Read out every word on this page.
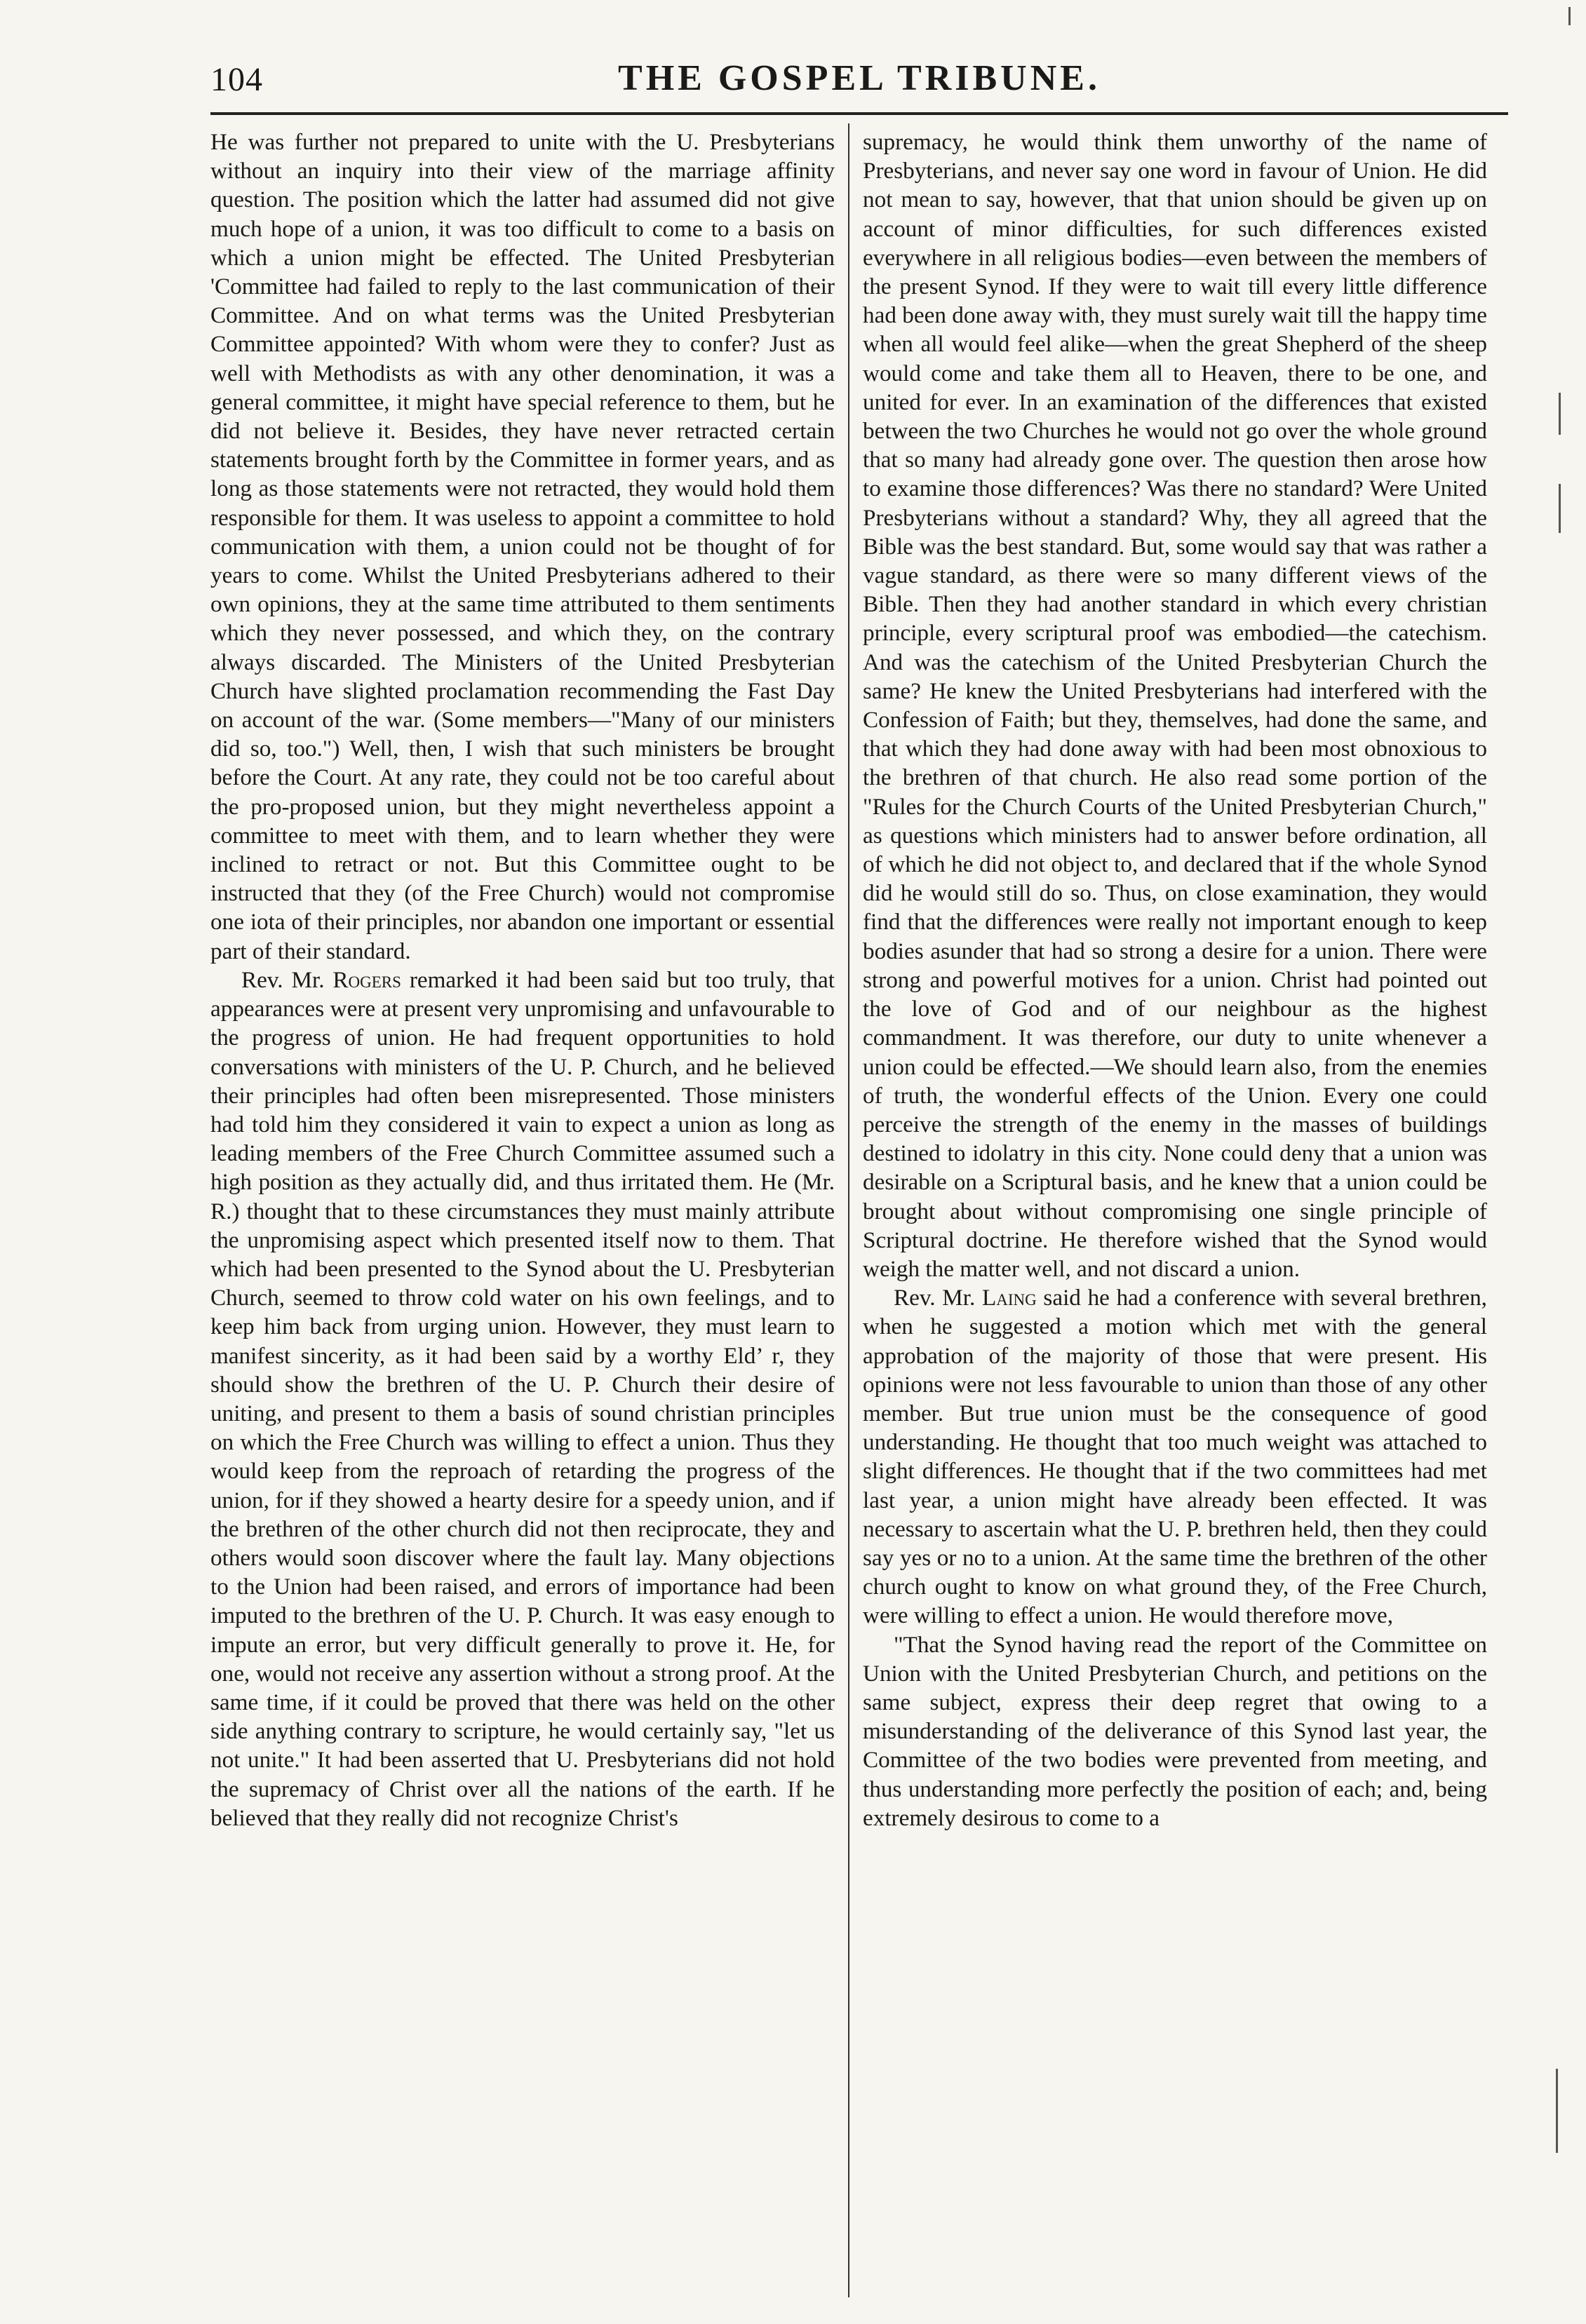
104	THE GOSPEL TRIBUNE.

He was further not prepared to unite with the U. Presbyterians without an inquiry into their view of the marriage affinity question. The position which the latter had assumed did not give much hope of a union, it was too difficult to come to a basis on which a union might be effected. The United Presbyterian 'Committee had failed to reply to the last communication of their Committee. And on what terms was the United Presbyterian Committee appointed? With whom were they to confer? Just as well with Methodists as with any other denomination, it was a general committee, it might have special reference to them, but he did not believe it. Besides, they have never retracted certain statements brought forth by the Committee in former years, and as long as those statements were not retracted, they would hold them responsible for them. It was useless to appoint a committee to hold communication with them, a union could not be thought of for years to come. Whilst the United Presbyterians adhered to their own opinions, they at the same time attributed to them sentiments which they never possessed, and which they, on the contrary always discarded. The Ministers of the United Presbyterian Church have slighted proclamation recommending the Fast Day on account of the war. (Some members—"Many of our ministers did so, too.") Well, then, I wish that such ministers be brought before the Court. At any rate, they could not be too careful about the pro-proposed union, but they might nevertheless appoint a committee to meet with them, and to learn whether they were inclined to retract or not. But this Committee ought to be instructed that they (of the Free Church) would not compromise one iota of their principles, nor abandon one important or essential part of their standard.

Rev. Mr. Rogers remarked it had been said but too truly, that appearances were at present very unpromising and unfavourable to the progress of union. He had frequent opportunities to hold conversations with ministers of the U. P. Church, and he believed their principles had often been misrepresented. Those ministers had told him they considered it vain to expect a union as long as leading members of the Free Church Committee assumed such a high position as they actually did, and thus irritated them. He (Mr. R.) thought that to these circumstances they must mainly attribute the unpromising aspect which presented itself now to them. That which had been presented to the Synod about the U. Presbyterian Church, seemed to throw cold water on his own feelings, and to keep him back from urging union. However, they must learn to manifest sincerity, as it had been said by a worthy Eld’ r, they should show the brethren of the U. P. Church their desire of uniting, and present to them a basis of sound christian principles on which the Free Church was willing to effect a union. Thus they would keep from the reproach of retarding the progress of the union, for if they showed a hearty desire for a speedy union, and if the brethren of the other church did not then reciprocate, they and others would soon discover where the fault lay. Many objections to the Union had been raised, and errors of importance had been imputed to the brethren of the U. P. Church. It was easy enough to impute an error, but very difficult generally to prove it. He, for one, would not receive any assertion without a strong proof. At the same time, if it could be proved that there was held on the other side anything contrary to scripture, he would certainly say, "let us not unite." It had been asserted that U. Presbyterians did not hold the supremacy of Christ over all the nations of the earth. If he believed that they really did not recognize Christ's

supremacy, he would think them unworthy of the name of Presbyterians, and never say one word in favour of Union. He did not mean to say, however, that that union should be given up on account of minor difficulties, for such differences existed everywhere in all religious bodies—even between the members of the present Synod. If they were to wait till every little difference had been done away with, they must surely wait till the happy time when all would feel alike—when the great Shepherd of the sheep would come and take them all to Heaven, there to be one, and united for ever. In an examination of the differences that existed between the two Churches he would not go over the whole ground that so many had already gone over. The question then arose how to examine those differences? Was there no standard? Were United Presbyterians without a standard? Why, they all agreed that the Bible was the best standard. But, some would say that was rather a vague standard, as there were so many different views of the Bible. Then they had another standard in which every christian principle, every scriptural proof was embodied—the catechism. And was the catechism of the United Presbyterian Church the same? He knew the United Presbyterians had interfered with the Confession of Faith; but they, themselves, had done the same, and that which they had done away with had been most obnoxious to the brethren of that church. He also read some portion of the "Rules for the Church Courts of the United Presbyterian Church," as questions which ministers had to answer before ordination, all of which he did not object to, and declared that if the whole Synod did he would still do so. Thus, on close examination, they would find that the differences were really not important enough to keep bodies asunder that had so strong a desire for a union. There were strong and powerful motives for a union. Christ had pointed out the love of God and of our neighbour as the highest commandment. It was therefore, our duty to unite whenever a union could be effected.—We should learn also, from the enemies of truth, the wonderful effects of the Union. Every one could perceive the strength of the enemy in the masses of buildings destined to idolatry in this city. None could deny that a union was desirable on a Scriptural basis, and he knew that a union could be brought about without compromising one single principle of Scriptural doctrine. He therefore wished that the Synod would weigh the matter well, and not discard a union.

Rev. Mr. Laing said he had a conference with several brethren, when he suggested a motion which met with the general approbation of the majority of those that were present. His opinions were not less favourable to union than those of any other member. But true union must be the consequence of good understanding. He thought that too much weight was attached to slight differences. He thought that if the two committees had met last year, a union might have already been effected. It was necessary to ascertain what the U. P. brethren held, then they could say yes or no to a union. At the same time the brethren of the other church ought to know on what ground they, of the Free Church, were willing to effect a union. He would therefore move,

"That the Synod having read the report of the Committee on Union with the United Presbyterian Church, and petitions on the same subject, express their deep regret that owing to a misunderstanding of the deliverance of this Synod last year, the Committee of the two bodies were prevented from meeting, and thus understanding more perfectly the position of each; and, being extremely desirous to come to a
